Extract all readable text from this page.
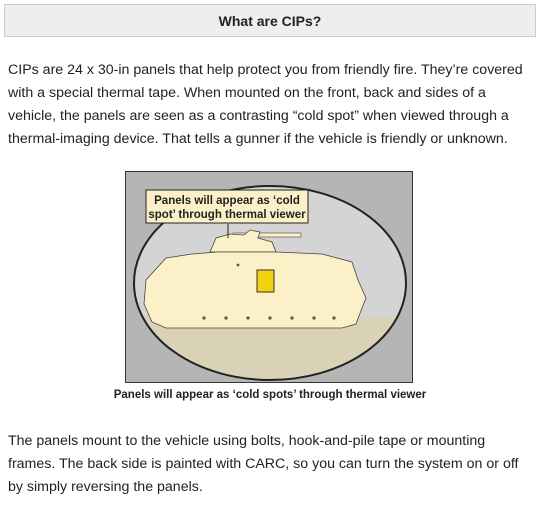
What are CIPs?

CIPs are 24 x 30-in panels that help protect you from friendly fire. They’re covered with a special thermal tape. When mounted on the front, back and sides of a vehicle, the panels are seen as a contrasting “cold spot” when viewed through a thermal-imaging device. That tells a gunner if the vehicle is friendly or unknown.

Panels will appear as ‘cold
spot’ through thermal viewer
Panels will appear as ‘cold spots’ through thermal viewer

The panels mount to the vehicle using bolts, hook-and-pile tape or mounting frames. The back side is painted with CARC, so you can turn the system on or off by simply reversing the panels.
